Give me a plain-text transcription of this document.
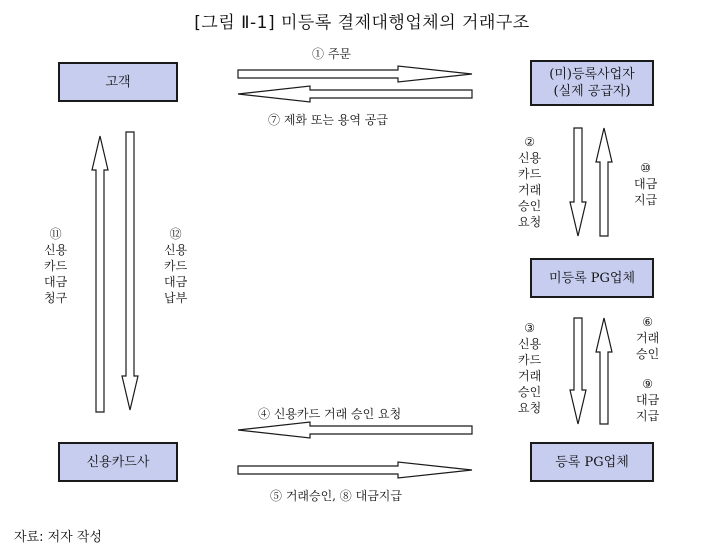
[그림 Ⅱ-1] 미등록 결제대행업체의 거래구조
고객	(미)등록사업자
(실제 공급자)
미등록 PG업체
신용카드사	등록 PG업체
① 주문
⑦ 제화 또는 용역 공급
④ 신용카드 거래 승인 요청
⑤ 거래승인, ⑧ 대금지급
②
신용
카드
거래
승인
요청
⑩
대금
지급
③
신용
카드
거래
승인
요청
⑥
거래
승인
⑨
대금
지급
⑪
신용
카드
대금
청구
⑫
신용
카드
대금
납부
자료: 저자 작성
